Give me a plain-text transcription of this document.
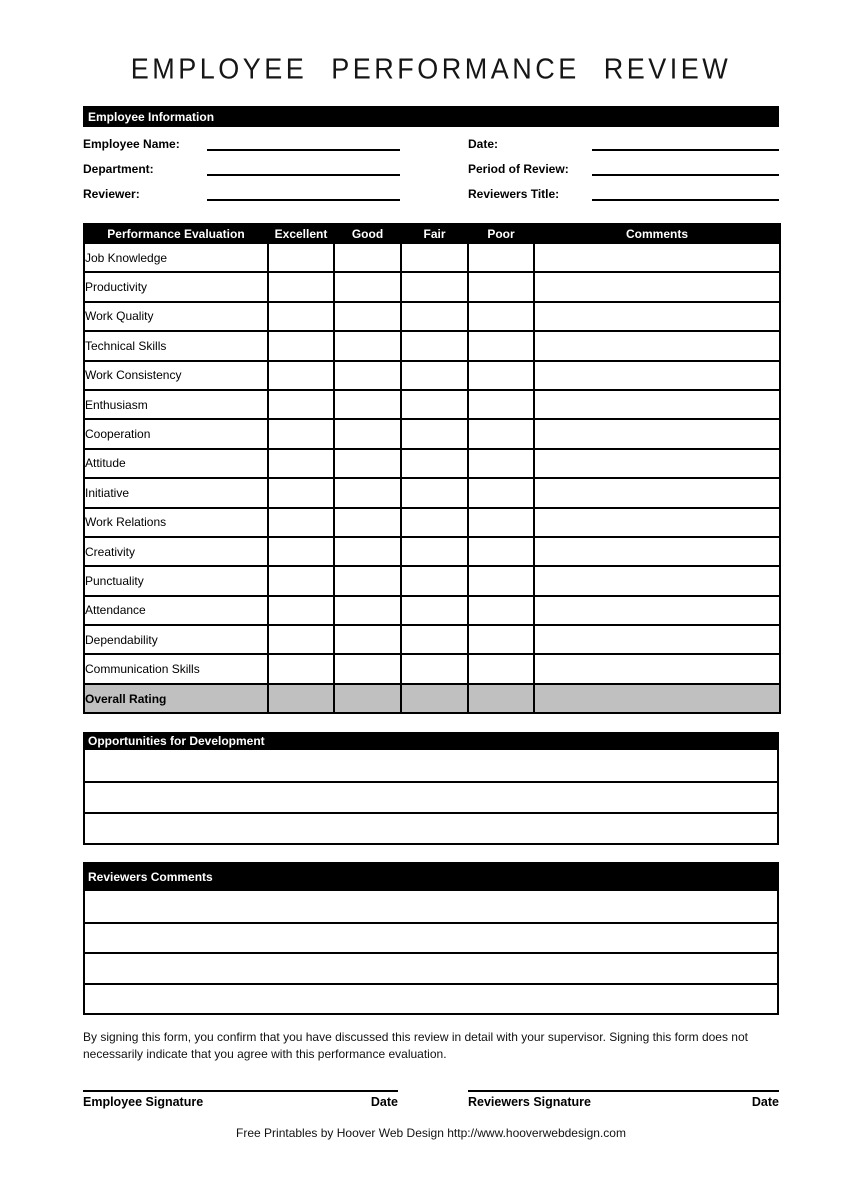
EMPLOYEE PERFORMANCE REVIEW
Employee Information
Employee Name:
Department:
Reviewer:
Date:
Period of Review:
Reviewers Title:
Performance Evaluation	Excellent	Good	Fair	Poor	Comments
Job Knowledge					
Productivity					
Work Quality					
Technical Skills					
Work Consistency					
Enthusiasm					
Cooperation					
Attitude					
Initiative					
Work Relations					
Creativity					
Punctuality					
Attendance					
Dependability					
Communication Skills					
Overall Rating					
Opportunities for Development
Reviewers Comments
By signing this form, you confirm that you have discussed this review in detail with your supervisor. Signing this form does not necessarily indicate that you agree with this performance evaluation.
Employee Signature	Date	Reviewers Signature	Date
Free Printables by Hoover Web Design http://www.hooverwebdesign.com
